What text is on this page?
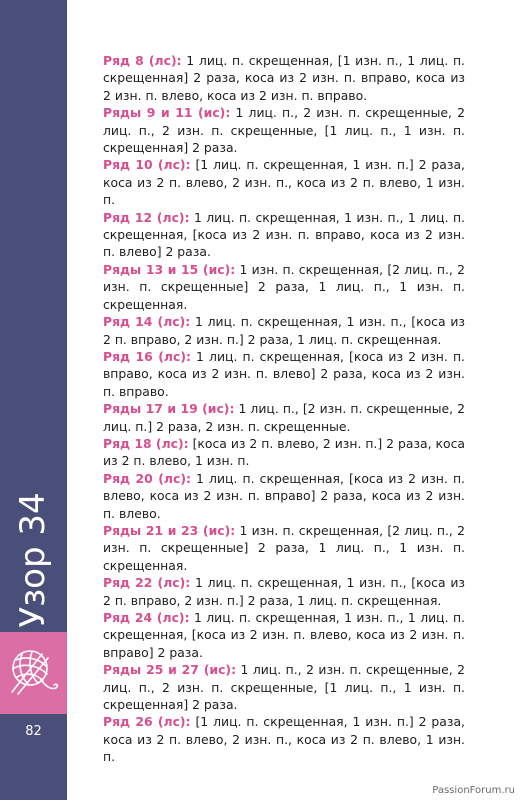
Узор 34
82

Ряд 8 (лс): 1 лиц. п. скрещенная, [1 изн. п., 1 лиц. п. скрещенная] 2 раза, коса из 2 изн. п. вправо, коса из 2 изн. п. влево, коса из 2 изн. п. вправо.

Ряды 9 и 11 (ис): 1 лиц. п., 2 изн. п. скрещенные, 2 лиц. п., 2 изн. п. скрещенные, [1 лиц. п., 1 изн. п. скрещенная] 2 раза.

Ряд 10 (лс): [1 лиц. п. скрещенная, 1 изн. п.] 2 раза, коса из 2 п. влево, 2 изн. п., коса из 2 п. влево, 1 изн. п.

Ряд 12 (лс): 1 лиц. п. скрещенная, 1 изн. п., 1 лиц. п. скрещенная, [коса из 2 изн. п. вправо, коса из 2 изн. п. влево] 2 раза.

Ряды 13 и 15 (ис): 1 изн. п. скрещенная, [2 лиц. п., 2 изн. п. скрещенные] 2 раза, 1 лиц. п., 1 изн. п. скрещенная.

Ряд 14 (лс): 1 лиц. п. скрещенная, 1 изн. п., [коса из 2 п. вправо, 2 изн. п.] 2 раза, 1 лиц. п. скрещенная.

Ряд 16 (лс): 1 лиц. п. скрещенная, [коса из 2 изн. п. вправо, коса из 2 изн. п. влево] 2 раза, коса из 2 изн. п. вправо.

Ряды 17 и 19 (ис): 1 лиц. п., [2 изн. п. скрещенные, 2 лиц. п.] 2 раза, 2 изн. п. скрещенные.

Ряд 18 (лс): [коса из 2 п. влево, 2 изн. п.] 2 раза, коса из 2 п. влево, 1 изн. п.

Ряд 20 (лс): 1 лиц. п. скрещенная, [коса из 2 изн. п. влево, коса из 2 изн. п. вправо] 2 раза, коса из 2 изн. п. влево.

Ряды 21 и 23 (ис): 1 изн. п. скрещенная, [2 лиц. п., 2 изн. п. скрещенные] 2 раза, 1 лиц. п., 1 изн. п. скрещенная.

Ряд 22 (лс): 1 лиц. п. скрещенная, 1 изн. п., [коса из 2 п. вправо, 2 изн. п.] 2 раза, 1 лиц. п. скрещенная.

Ряд 24 (лс): 1 лиц. п. скрещенная, 1 изн. п., 1 лиц. п. скрещенная, [коса из 2 изн. п. влево, коса из 2 изн. п. вправо] 2 раза.

Ряды 25 и 27 (ис): 1 лиц. п., 2 изн. п. скрещенные, 2 лиц. п., 2 изн. п. скрещенные, [1 лиц. п., 1 изн. п. скрещенная] 2 раза.

Ряд 26 (лс): [1 лиц. п. скрещенная, 1 изн. п.] 2 раза, коса из 2 п. влево, 2 изн. п., коса из 2 п. влево, 1 изн. п.

PassionForum.ru
